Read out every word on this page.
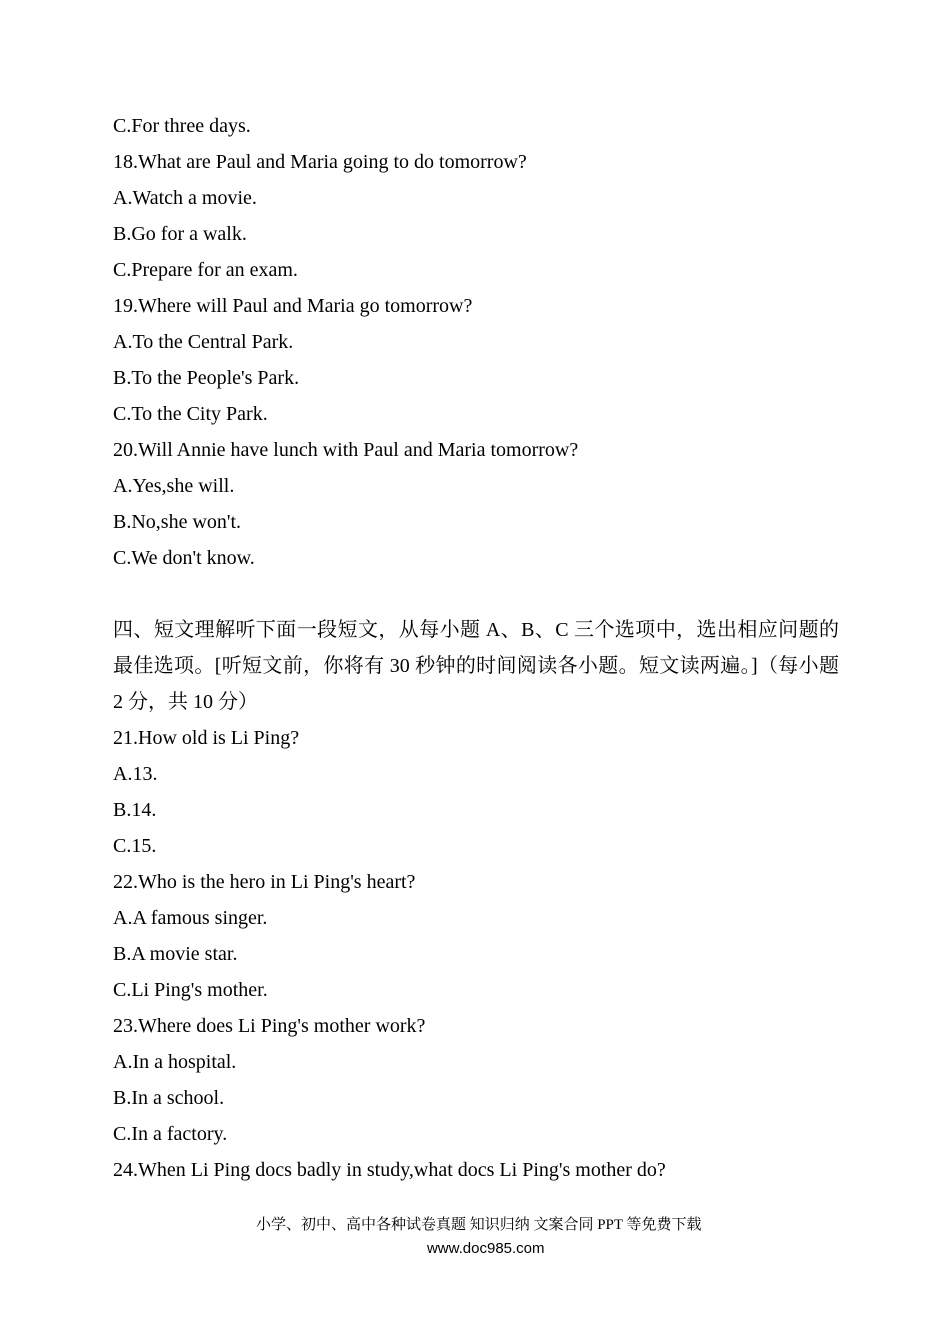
C.For three days.
18.What are Paul and Maria going to do tomorrow?
A.Watch a movie.
B.Go for a walk.
C.Prepare for an exam.
19.Where will Paul and Maria go tomorrow?
A.To the Central Park.
B.To the People's Park.
C.To the City Park.
20.Will Annie have lunch with Paul and Maria tomorrow?
A.Yes,she will.
B.No,she won't.
C.We don't know.
四、短文理解听下面一段短文，从每小题 A、B、C 三个选项中，选出相应问题的最佳选项。[听短文前，你将有 30 秒钟的时间阅读各小题。短文读两遍。]（每小题 2 分，共 10 分）
21.How old is Li Ping?
A.13.
B.14.
C.15.
22.Who is the hero in Li Ping's heart?
A.A famous singer.
B.A movie star.
C.Li Ping's mother.
23.Where does Li Ping's mother work?
A.In a hospital.
B.In a school.
C.In a factory.
24.When Li Ping docs badly in study,what docs Li Ping's mother do?

小学、初中、高中各种试卷真题 知识归纳 文案合同 PPT 等免费下载
www.doc985.com
